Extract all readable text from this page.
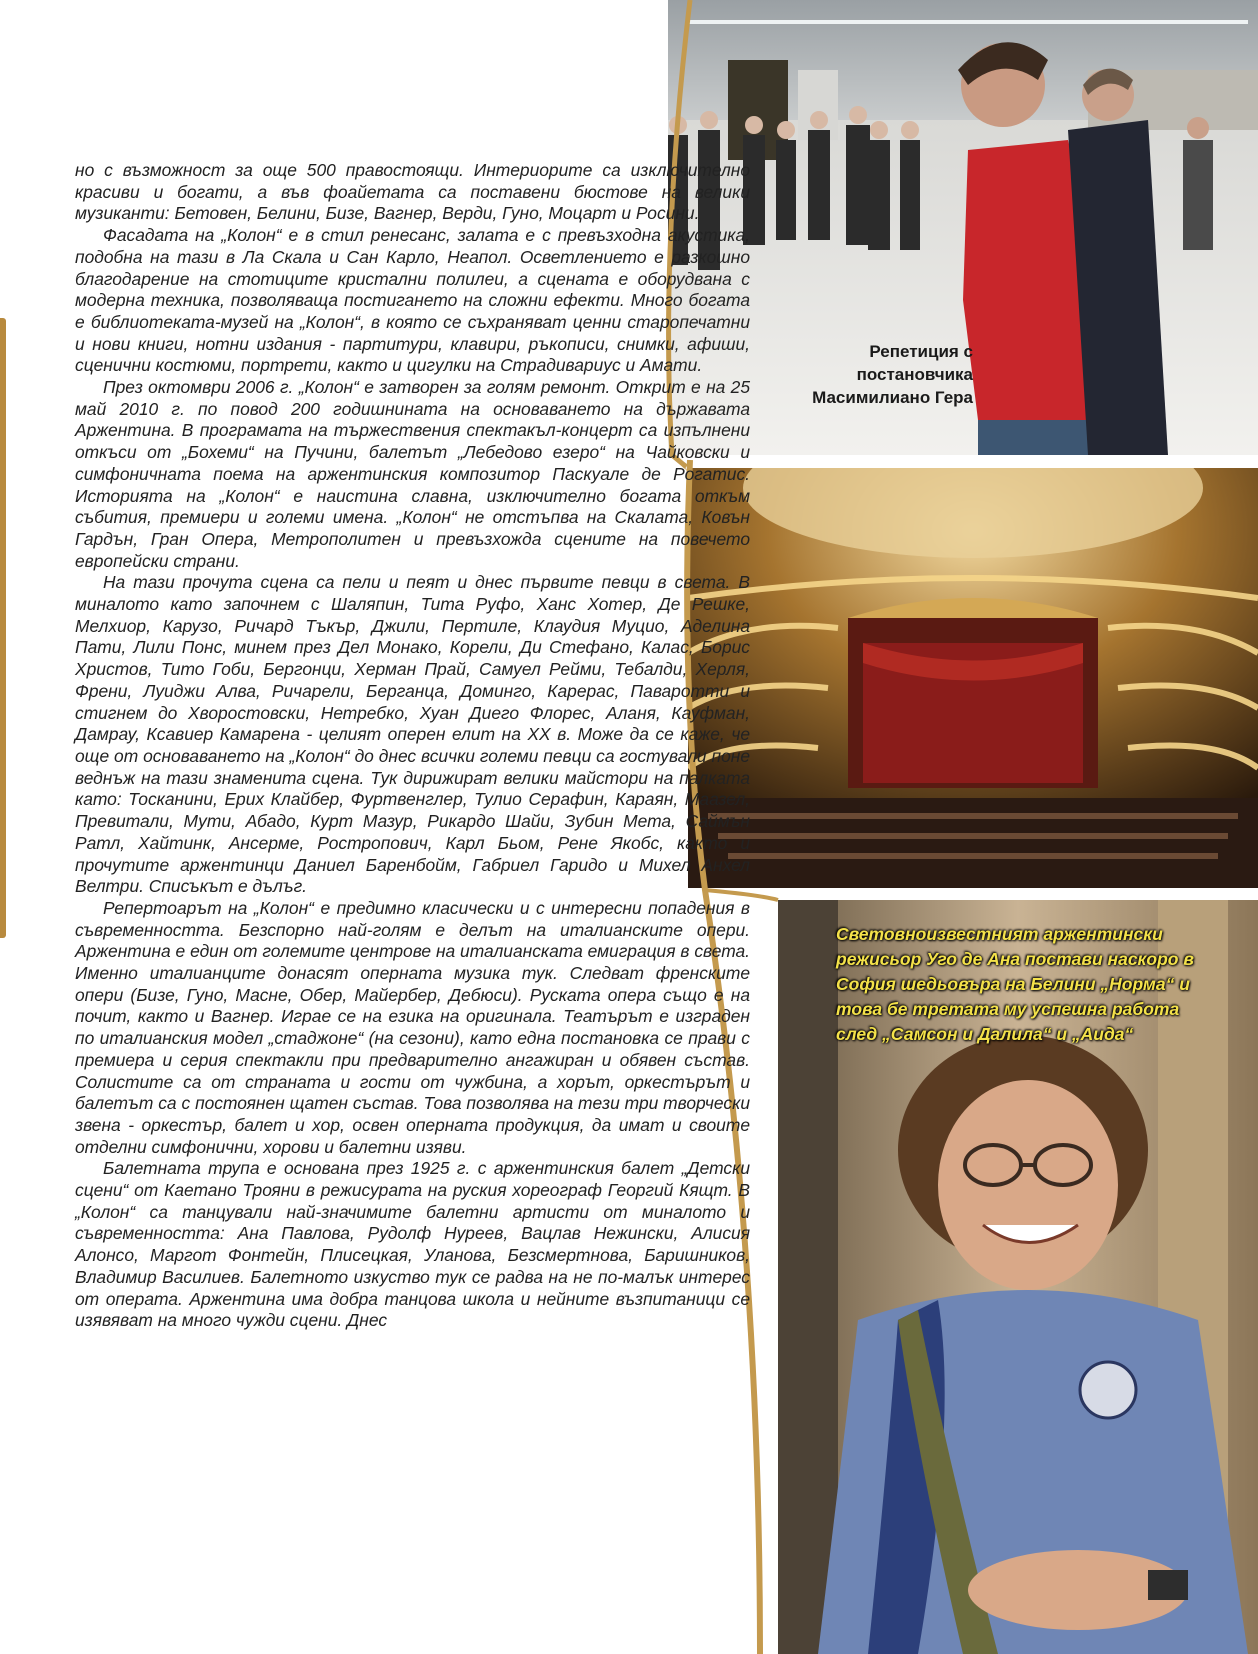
Репетиция с постановчика Масимилиано Гера
Световноизвестният аржентински режисьор Уго де Ана постави наскоро в София шедьовъра на Белини „Норма“ и това бе третата му успешна работа след „Самсон и Далила“ и „Аида“

но с възможност за още 500 правостоящи. Интериорите са изключително красиви и богати, а във фоайетата са поставени бюстове на велики музиканти: Бетовен, Белини, Бизе, Вагнер, Верди, Гуно, Моцарт и Росини.

Фасадата на „Колон“ е в стил ренесанс, залата е с превъзходна акустика, подобна на тази в Ла Скала и Сан Карло, Неапол. Осветлението е разкошно благодарение на стотиците кристални полилеи, а сцената е оборудвана с модерна техника, позволяваща постигането на сложни ефекти. Много богата е библиотеката-музей на „Колон“, в която се съхраняват ценни старопечатни и нови книги, нотни издания - партитури, клавири, ръкописи, снимки, афиши, сценични костюми, портрети, както и цигулки на Страдивариус и Амати.

През октомври 2006 г. „Колон“ е затворен за голям ремонт. Открит е на 25 май 2010 г. по повод 200 годишнината на основаването на държавата Аржентина. В програмата на тържествения спектакъл-концерт са изпълнени откъси от „Бохеми“ на Пучини, балетът „Лебедово езеро“ на Чайковски и симфоничната поема на аржентинския композитор Паскуале де Рогатис. Историята на „Колон“ е наистина славна, изключително богата откъм събития, премиери и големи имена. „Колон“ не отстъпва на Скалата, Ковън Гардън, Гран Опера, Метрополитен и превъзхожда сцените на повечето европейски страни.

На тази прочута сцена са пели и пеят и днес първите певци в света. В миналото като започнем с Шаляпин, Тита Руфо, Ханс Хотер, Де Решке, Мелхиор, Карузо, Ричард Тъкър, Джили, Пертиле, Клаудия Муцио, Аделина Пати, Лили Понс, минем през Дел Монако, Корели, Ди Стефано, Калас, Борис Христов, Тито Гоби, Бергонци, Херман Прай, Самуел Рейми, Тебалди, Херля, Френи, Луиджи Алва, Ричарели, Берганца, Доминго, Карерас, Паваротти и стигнем до Хворостовски, Нетребко, Хуан Диего Флорес, Аланя, Кауфман, Дамрау, Ксавиер Камарена - целият оперен елит на XX в. Може да се каже, че още от основаването на „Колон“ до днес всички големи певци са гостували поне веднъж на тази знаменита сцена. Тук дирижират велики майстори на палката като: Тосканини, Ерих Клайбер, Фуртвенглер, Тулио Серафин, Караян, Маазел, Превитали, Мути, Абадо, Курт Мазур, Рикардо Шайи, Зубин Мета, Саймън Ратл, Хайтинк, Ансерме, Ростропович, Карл Бьом, Рене Якобс, както и прочутите аржентинци Даниел Баренбойм, Габриел Гаридо и Михел Анхел Велтри. Списъкът е дълъг.

Репертоарът на „Колон“ е предимно класически и с интересни попадения в съвременността. Безспорно най-голям е делът на италианските опери. Аржентина е един от големите центрове на италианската емиграция в света. Именно италианците донасят оперната музика тук. Следват френските опери (Бизе, Гуно, Масне, Обер, Майербер, Дебюси). Руската опера също е на почит, както и Вагнер. Играе се на езика на оригинала. Театърът е изграден по италианския модел „стаджоне“ (на сезони), като една постановка се прави с премиера и серия спектакли при предварително ангажиран и обявен състав. Солистите са от страната и гости от чужбина, а хорът, оркестърът и балетът са с постоянен щатен състав. Това позволява на тези три творчески звена - оркестър, балет и хор, освен оперната продукция, да имат и своите отделни симфонични, хорови и балетни изяви.

Балетната трупа е основана през 1925 г. с аржентинския балет „Детски сцени“ от Каетано Трояни в режисурата на руския хореограф Георгий Кящт. В „Колон“ са танцували най-значимите балетни артисти от миналото и съвременността: Ана Павлова, Рудолф Нуреев, Вацлав Нежински, Алисия Алонсо, Маргот Фонтейн, Плисецкая, Уланова, Безсмертнова, Баришников, Владимир Василиев. Балетното изкуство тук се радва на не по-малък интерес от операта. Аржентина има добра танцова школа и нейните възпитаници се изявяват на много чужди сцени. Днес
